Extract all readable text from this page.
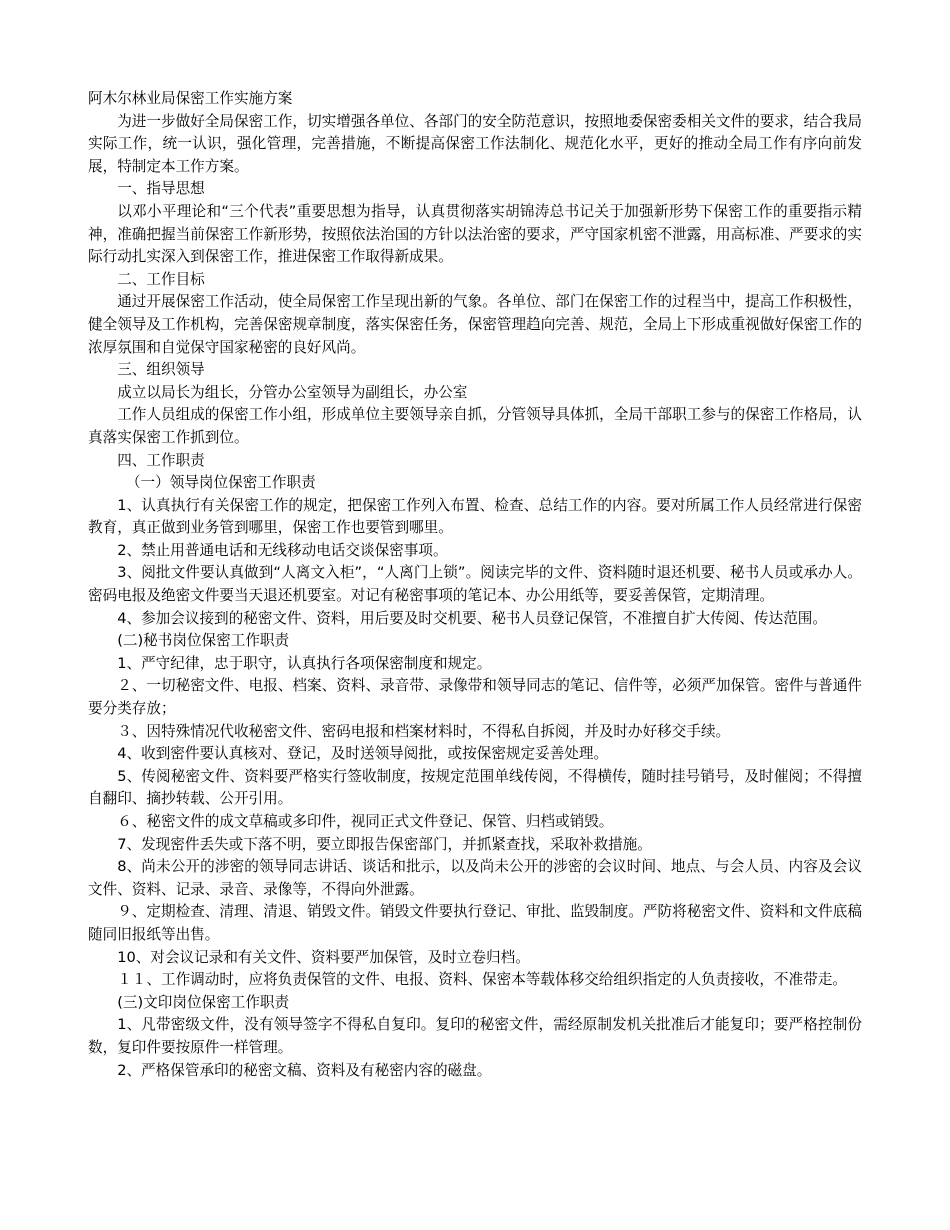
阿木尔林业局保密工作实施方案

为进一步做好全局保密工作，切实增强各单位、各部门的安全防范意识，按照地委保密委相关文件的要求，结合我局实际工作，统一认识，强化管理，完善措施，不断提高保密工作法制化、规范化水平，更好的推动全局工作有序向前发展，特制定本工作方案。

一、指导思想

以邓小平理论和“三个代表”重要思想为指导，认真贯彻落实胡锦涛总书记关于加强新形势下保密工作的重要指示精神，准确把握当前保密工作新形势，按照依法治国的方针以法治密的要求，严守国家机密不泄露，用高标准、严要求的实际行动扎实深入到保密工作，推进保密工作取得新成果。

二、工作目标

通过开展保密工作活动，使全局保密工作呈现出新的气象。各单位、部门在保密工作的过程当中，提高工作积极性，健全领导及工作机构，完善保密规章制度，落实保密任务，保密管理趋向完善、规范，全局上下形成重视做好保密工作的浓厚氛围和自觉保守国家秘密的良好风尚。

三、组织领导

成立以局长为组长，分管办公室领导为副组长，办公室

工作人员组成的保密工作小组，形成单位主要领导亲自抓，分管领导具体抓，全局干部职工参与的保密工作格局，认真落实保密工作抓到位。

四、工作职责

（一）领导岗位保密工作职责

1、认真执行有关保密工作的规定，把保密工作列入布置、检查、总结工作的内容。要对所属工作人员经常进行保密教育，真正做到业务管到哪里，保密工作也要管到哪里。

2、禁止用普通电话和无线移动电话交谈保密事项。

3、阅批文件要认真做到“人离文入柜”，“人离门上锁”。阅读完毕的文件、资料随时退还机要、秘书人员或承办人。密码电报及绝密文件要当天退还机要室。对记有秘密事项的笔记本、办公用纸等，要妥善保管，定期清理。

4、参加会议接到的秘密文件、资料，用后要及时交机要、秘书人员登记保管，不准擅自扩大传阅、传达范围。

(二)秘书岗位保密工作职责

1、严守纪律，忠于职守，认真执行各项保密制度和规定。

２、一切秘密文件、电报、档案、资料、录音带、录像带和领导同志的笔记、信件等，必须严加保管。密件与普通件要分类存放；

３、因特殊情况代收秘密文件、密码电报和档案材料时，不得私自拆阅，并及时办好移交手续。

4、收到密件要认真核对、登记，及时送领导阅批，或按保密规定妥善处理。

5、传阅秘密文件、资料要严格实行签收制度，按规定范围单线传阅，不得横传，随时挂号销号，及时催阅；不得擅自翻印、摘抄转载、公开引用。

６、秘密文件的成文草稿或多印件，视同正式文件登记、保管、归档或销毁。

7、发现密件丢失或下落不明，要立即报告保密部门，并抓紧查找，采取补救措施。

8、尚未公开的涉密的领导同志讲话、谈话和批示，以及尚未公开的涉密的会议时间、地点、与会人员、内容及会议文件、资料、记录、录音、录像等，不得向外泄露。

９、定期检查、清理、清退、销毁文件。销毁文件要执行登记、审批、监毁制度。严防将秘密文件、资料和文件底稿随同旧报纸等出售。

10、对会议记录和有关文件、资料要严加保管，及时立卷归档。

１１、工作调动时，应将负责保管的文件、电报、资料、保密本等载体移交给组织指定的人负责接收，不准带走。

(三)文印岗位保密工作职责

1、凡带密级文件，没有领导签字不得私自复印。复印的秘密文件，需经原制发机关批准后才能复印；要严格控制份数，复印件要按原件一样管理。

2、严格保管承印的秘密文稿、资料及有秘密内容的磁盘。
